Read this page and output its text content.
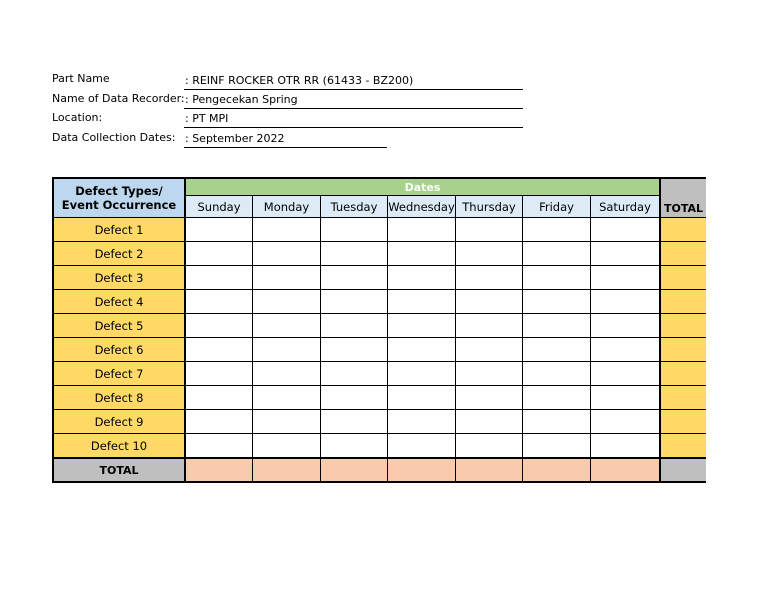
Part Name	: REINF ROCKER OTR RR (61433 - BZ200)
Name of Data Recorder: : Pengecekan Spring
Location:	: PT MPI
Data Collection Dates: : September 2022
Defect Types/
Event Occurrence
Dates
Sunday	Monday	Tuesday Wednesday Thursday	Friday	Saturday	TOTAL
Defect 1
Defect 2
Defect 3
Defect 4
Defect 5
Defect 6
Defect 7
Defect 8
Defect 9
Defect 10
TOTAL
